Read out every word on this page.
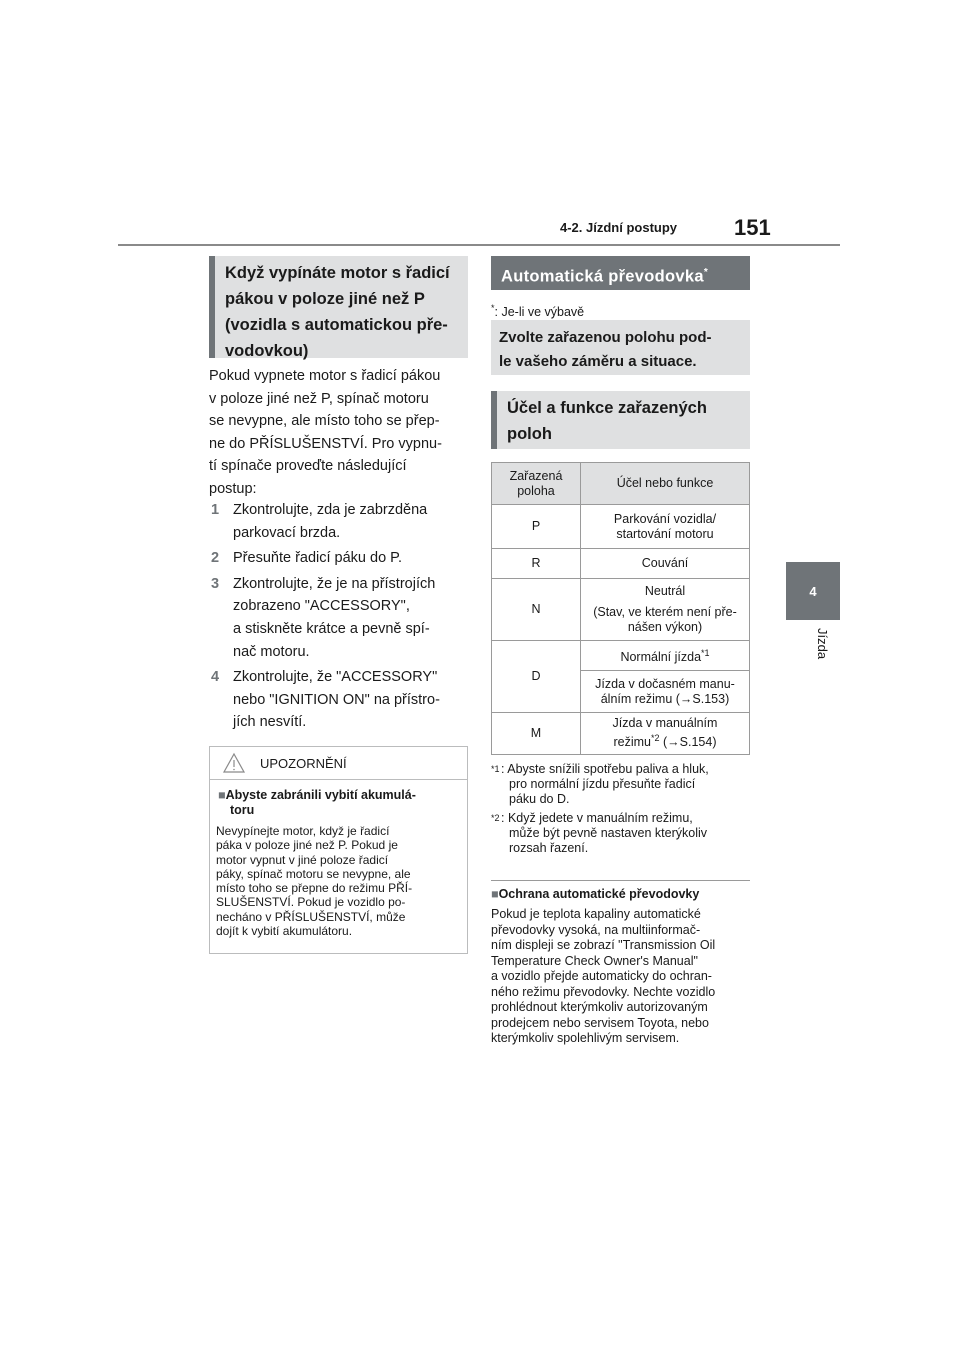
4-2. Jízdní postupy	151
4
Jízda
Když vypínáte motor s řadicí
pákou v poloze jiné než P
(vozidla s automatickou pře-
vodovkou)
Pokud vypnete motor s řadicí pákou
v poloze jiné než P, spínač motoru
se nevypne, ale místo toho se přep-
ne do PŘÍSLUŠENSTVÍ. Pro vypnu-
tí spínače proveďte následující
postup:
1 Zkontrolujte, zda je zabrzděna
parkovací brzda.
2 Přesuňte řadicí páku do P.
3 Zkontrolujte, že je na přístrojích
zobrazeno "ACCESSORY",
a stiskněte krátce a pevně spí-
nač motoru.
4 Zkontrolujte, že "ACCESSORY"
nebo "IGNITION ON" na přístro-
jích nesvítí.
UPOZORNĚNÍ
■Abyste zabránili vybití akumulá-
toru
Nevypínejte motor, když je řadicí
páka v poloze jiné než P. Pokud je
motor vypnut v jiné poloze řadicí
páky, spínač motoru se nevypne, ale
místo toho se přepne do režimu PŘÍ-
SLUŠENSTVÍ. Pokud je vozidlo po-
necháno v PŘÍSLUŠENSTVÍ, může
dojít k vybití akumulátoru.
Automatická převodovka*
*: Je-li ve výbavě
Zvolte zařazenou polohu pod-
le vašeho záměru a situace.
Účel a funkce zařazených
poloh
Zařazená poloha	Účel nebo funkce
P	Parkování vozidla/
startování motoru

R	Couvání
N	Neutrál
(Stav, ve kterém není pře-
nášen výkon)

D	Normální jízda$^{*1}$

	Jízda v dočasném manu-
álním režimu (→S.153)

M	Jízda v manuálním
režimu$^{*2}$ (→S.154)
*1 : Abyste snížili spotřebu paliva a hluk,
pro normální jízdu přesuňte řadicí
páku do D.
*2 : Když jedete v manuálním režimu,
může být pevně nastaven kterýkoliv
rozsah řazení.
■Ochrana automatické převodovky
Pokud je teplota kapaliny automatické
převodovky vysoká, na multiinformač-
ním displeji se zobrazí "Transmission Oil
Temperature Check Owner's Manual"
a vozidlo přejde automaticky do ochran-
ného režimu převodovky. Nechte vozidlo
prohlédnout kterýmkoliv autorizovaným
prodejcem nebo servisem Toyota, nebo
kterýmkoliv spolehlivým servisem.
